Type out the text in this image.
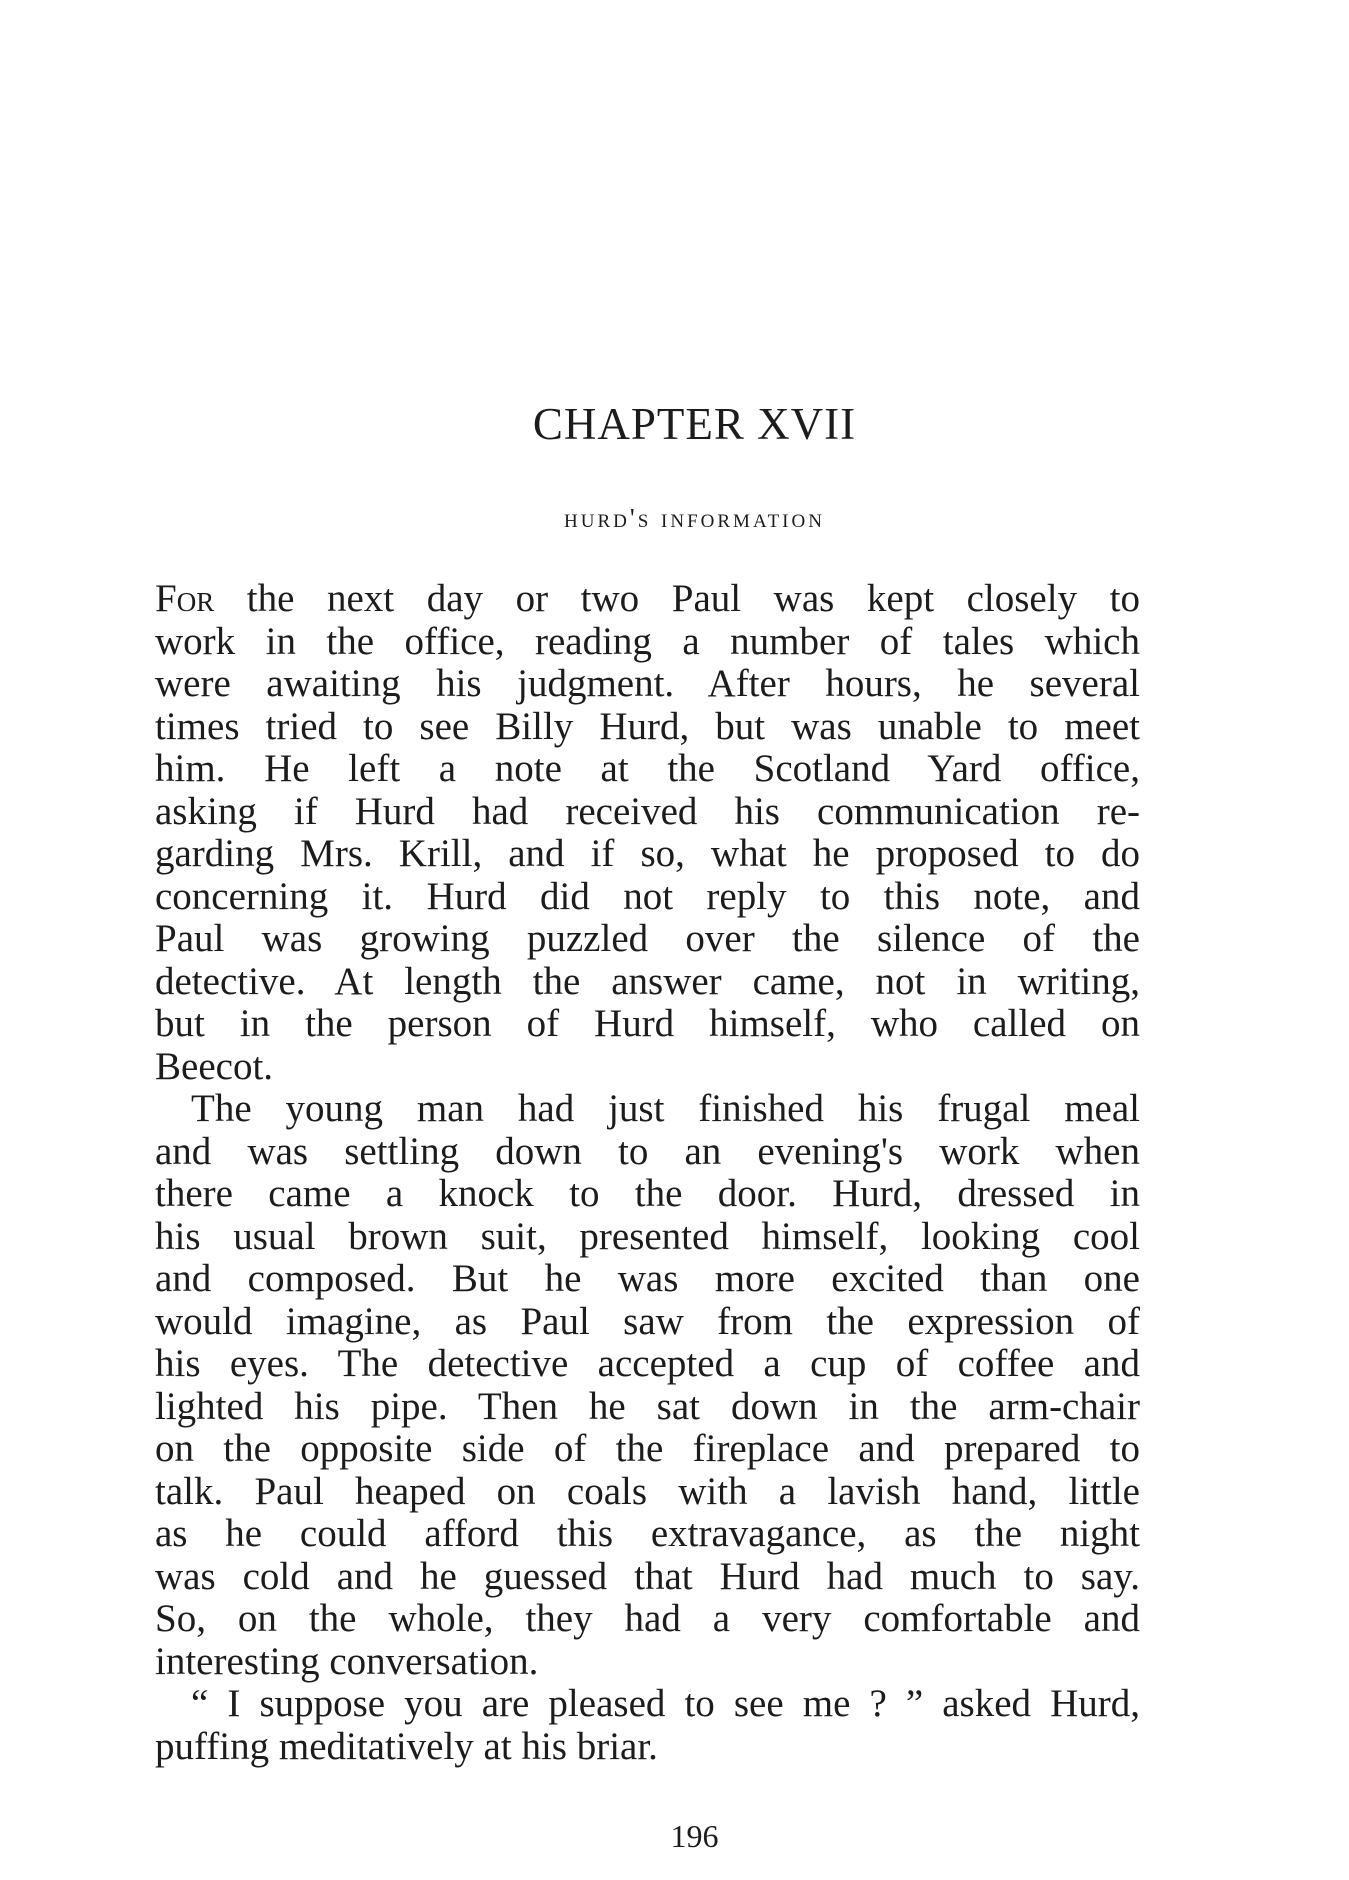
CHAPTER XVII
hurd's information
For the next day or two Paul was kept closely to
work in the office, reading a number of tales which
were awaiting his judgment. After hours, he several
times tried to see Billy Hurd, but was unable to meet
him. He left a note at the Scotland Yard office,
asking if Hurd had received his communication re-
garding Mrs. Krill, and if so, what he proposed to do
concerning it. Hurd did not reply to this note, and
Paul was growing puzzled over the silence of the
detective. At length the answer came, not in writing,
but in the person of Hurd himself, who called on
Beecot.
The young man had just finished his frugal meal
and was settling down to an evening's work when
there came a knock to the door. Hurd, dressed in
his usual brown suit, presented himself, looking cool
and composed. But he was more excited than one
would imagine, as Paul saw from the expression of
his eyes. The detective accepted a cup of coffee and
lighted his pipe. Then he sat down in the arm-chair
on the opposite side of the fireplace and prepared to
talk. Paul heaped on coals with a lavish hand, little
as he could afford this extravagance, as the night
was cold and he guessed that Hurd had much to say.
So, on the whole, they had a very comfortable and
interesting conversation.
“ I suppose you are pleased to see me ? ” asked Hurd,
puffing meditatively at his briar.
196
